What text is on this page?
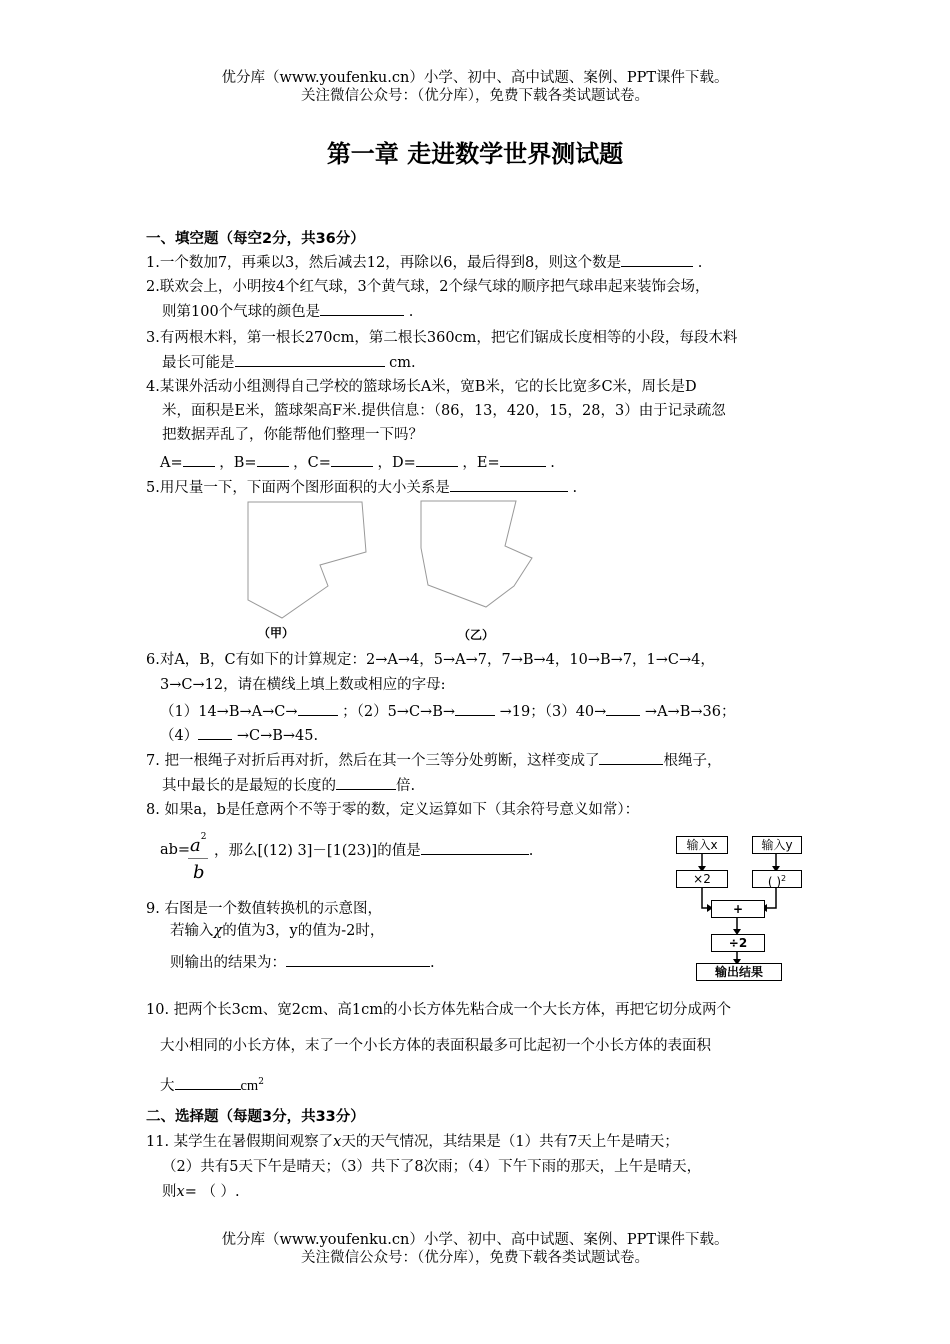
优分库（www.youfenku.cn）小学、初中、高中试题、案例、PPT课件下载。
关注微信公众号：（优分库），免费下载各类试题试卷。
第一章 走进数学世界测试题
一、填空题（每空2分，共36分）
1.一个数加7，再乘以3，然后减去12，再除以6，最后得到8，则这个数是	.
2.联欢会上，小明按4个红气球，3个黄气球，2个绿气球的顺序把气球串起来装饰会场，
则第100个气球的颜色是	.
3.有两根木料，第一根长270cm，第二根长360cm，把它们锯成长度相等的小段，每段木料
最长可能是	cm.
4.某课外活动小组测得自己学校的篮球场长A米，宽B米，它的长比宽多C米，周长是D
米，面积是E米，篮球架高F米.提供信息：（86，13，420，15，28，3）由于记录疏忽
把数据弄乱了，你能帮他们整理一下吗？
A=	，B=	，C=	，D=	，E=	.
5.用尺量一下，下面两个图形面积的大小关系是	.
（甲）	（乙）
6.对A，B，C有如下的计算规定：2→A→4，5→A→7，7→B→4，10→B→7，1→C→4，
3→C→12，请在横线上填上数或相应的字母:
（1）14→B→A→C→	；（2）5→C→B→	→19；（3）40→	→A→B→36；
（4）	→C→B→45.
7. 把一根绳子对折后再对折，然后在其一个三等分处剪断，这样变成了	根绳子，
其中最长的是最短的长度的	倍.
8. 如果a，b是任意两个不等于零的数，定义运算如下（其余符号意义如常）：
$ab= a^2$
b
，那么[(12) 3]－[1(23)]的值是	.
9. 右图是一个数值转换机的示意图，
若输入χ的值为3，y的值为-2时，
则输出的结果为：	.
输入x	输入y
×2	( )$^2$
+
÷2
输出结果
10. 把两个长3cm、宽2cm、高1cm的小长方体先粘合成一个大长方体，再把它切分成两个
大小相同的小长方体，末了一个小长方体的表面积最多可比起初一个小长方体的表面积
大	$cm^2$
二、选择题（每题3分，共33分）
11. 某学生在暑假期间观察了x天的天气情况，其结果是（1）共有7天上午是晴天；
（2）共有5天下午是晴天；（3）共下了8次雨；（4）下午下雨的那天，上午是晴天，
则x= （ ）.
优分库（www.youfenku.cn）小学、初中、高中试题、案例、PPT课件下载。
关注微信公众号：（优分库），免费下载各类试题试卷。
